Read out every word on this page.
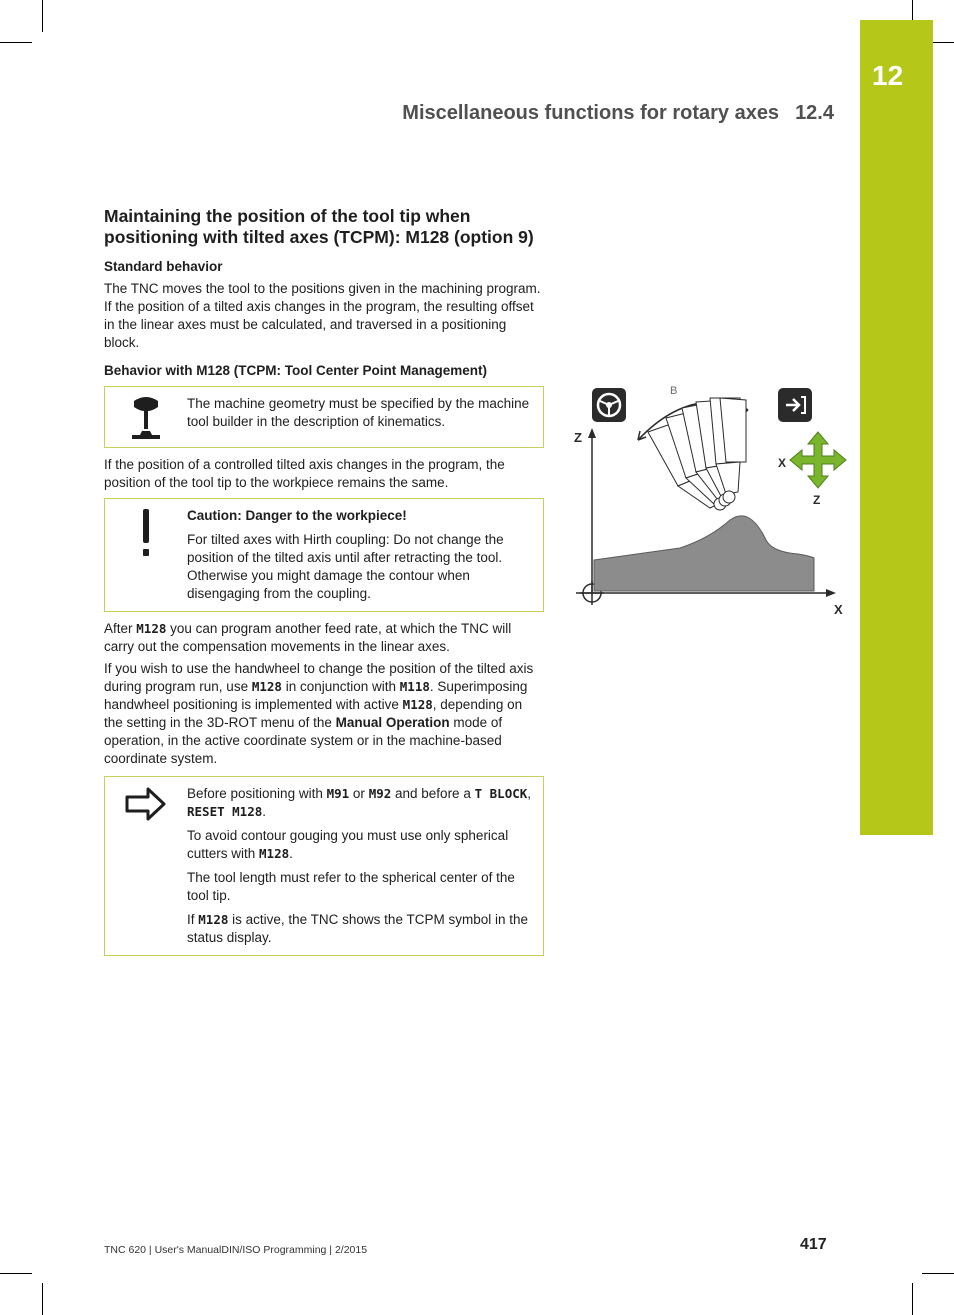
12
Miscellaneous functions for rotary axes 12.4
Maintaining the position of the tool tip when positioning with tilted axes (TCPM): M128 (option 9)
Standard behavior

The TNC moves the tool to the positions given in the machining program. If the position of a tilted axis changes in the program, the resulting offset in the linear axes must be calculated, and traversed in a positioning block.

Behavior with M128 (TCPM: Tool Center Point Management)

The machine geometry must be specified by the machine tool builder in the description of kinematics.

If the position of a controlled tilted axis changes in the program, the position of the tool tip to the workpiece remains the same.

Caution: Danger to the workpiece!

For tilted axes with Hirth coupling: Do not change the position of the tilted axis until after retracting the tool. Otherwise you might damage the contour when disengaging from the coupling.

After M128 you can program another feed rate, at which the TNC will carry out the compensation movements in the linear axes.

If you wish to use the handwheel to change the position of the tilted axis during program run, use M128 in conjunction with M118. Superimposing handwheel positioning is implemented with active M128, depending on the setting in the 3D-ROT menu of the Manual Operation mode of operation, in the active coordinate system or in the machine-based coordinate system.

Before positioning with M91 or M92 and before a T BLOCK, RESET M128.

To avoid contour gouging you must use only spherical cutters with M128.

The tool length must refer to the spherical center of the tool tip.

If M128 is active, the TNC shows the TCPM symbol in the status display.

B
Z
X
X
Z
TNC 620 | User's ManualDIN/ISO Programming | 2/2015	417
